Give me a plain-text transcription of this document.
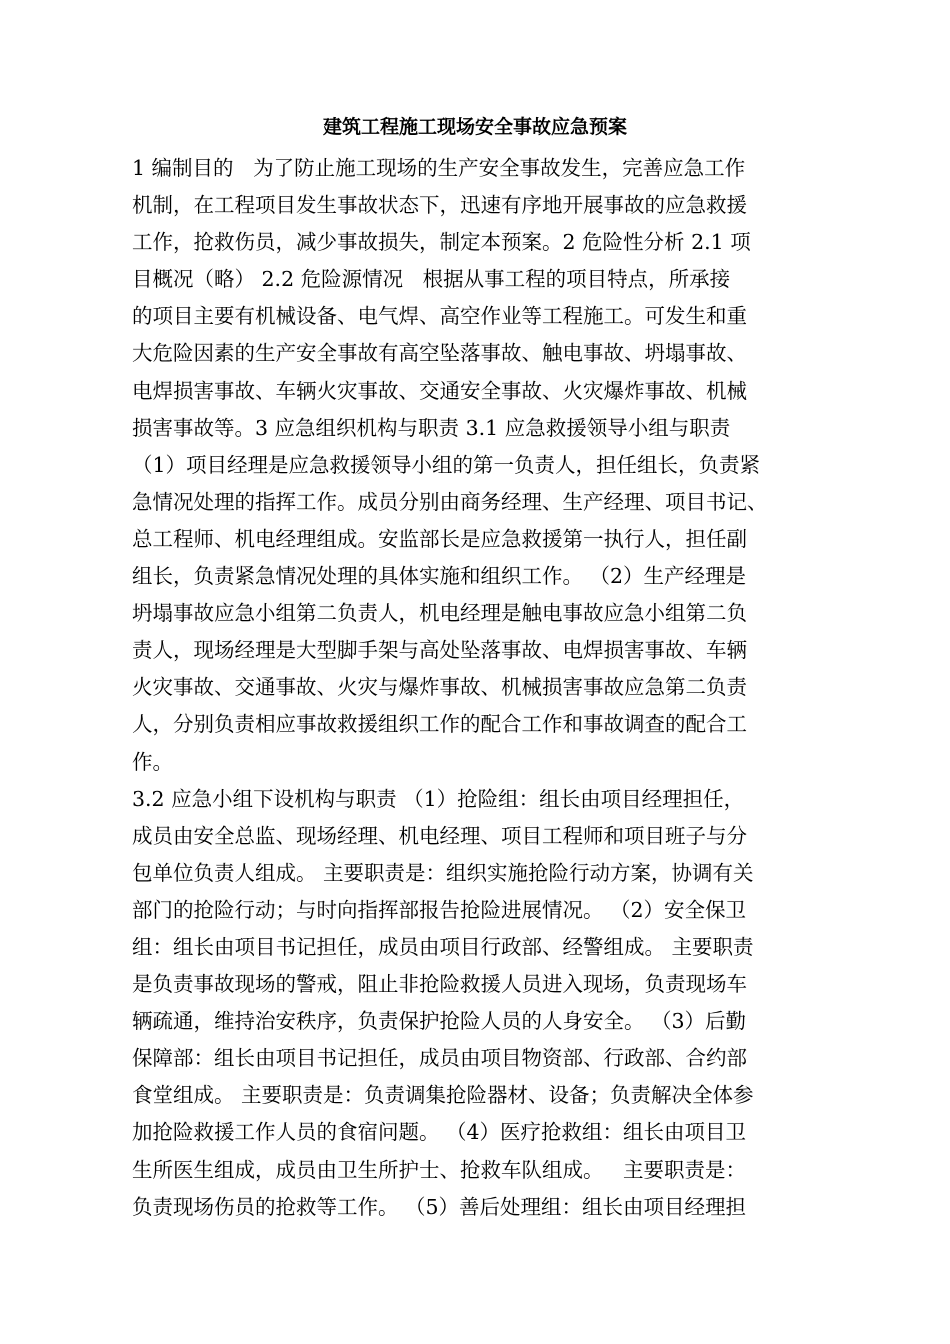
建筑工程施工现场安全事故应急预案
1 编制目的   为了防止施工现场的生产安全事故发生，完善应急工作
机制，在工程项目发生事故状态下，迅速有序地开展事故的应急救援
工作，抢救伤员，减少事故损失，制定本预案。2 危险性分析 2.1 项
目概况（略） 2.2 危险源情况   根据从事工程的项目特点，所承接
的项目主要有机械设备、电气焊、高空作业等工程施工。可发生和重
大危险因素的生产安全事故有高空坠落事故、触电事故、坍塌事故、
电焊损害事故、车辆火灾事故、交通安全事故、火灾爆炸事故、机械
损害事故等。3 应急组织机构与职责 3.1 应急救援领导小组与职责
（1）项目经理是应急救援领导小组的第一负责人，担任组长，负责紧
急情况处理的指挥工作。成员分别由商务经理、生产经理、项目书记、
总工程师、机电经理组成。安监部长是应急救援第一执行人，担任副
组长，负责紧急情况处理的具体实施和组织工作。 （2）生产经理是
坍塌事故应急小组第二负责人，机电经理是触电事故应急小组第二负
责人，现场经理是大型脚手架与高处坠落事故、电焊损害事故、车辆
火灾事故、交通事故、火灾与爆炸事故、机械损害事故应急第二负责
人，分别负责相应事故救援组织工作的配合工作和事故调查的配合工
作。
3.2 应急小组下设机构与职责 （1）抢险组：组长由项目经理担任，
成员由安全总监、现场经理、机电经理、项目工程师和项目班子与分
包单位负责人组成。 主要职责是：组织实施抢险行动方案，协调有关
部门的抢险行动；与时向指挥部报告抢险进展情况。 （2）安全保卫
组：组长由项目书记担任，成员由项目行政部、经警组成。 主要职责
是负责事故现场的警戒，阻止非抢险救援人员进入现场，负责现场车
辆疏通，维持治安秩序，负责保护抢险人员的人身安全。 （3）后勤
保障部：组长由项目书记担任，成员由项目物资部、行政部、合约部
食堂组成。 主要职责是：负责调集抢险器材、设备；负责解决全体参
加抢险救援工作人员的食宿问题。 （4）医疗抢救组：组长由项目卫
生所医生组成，成员由卫生所护士、抢救车队组成。   主要职责是：
负责现场伤员的抢救等工作。 （5）善后处理组：组长由项目经理担
